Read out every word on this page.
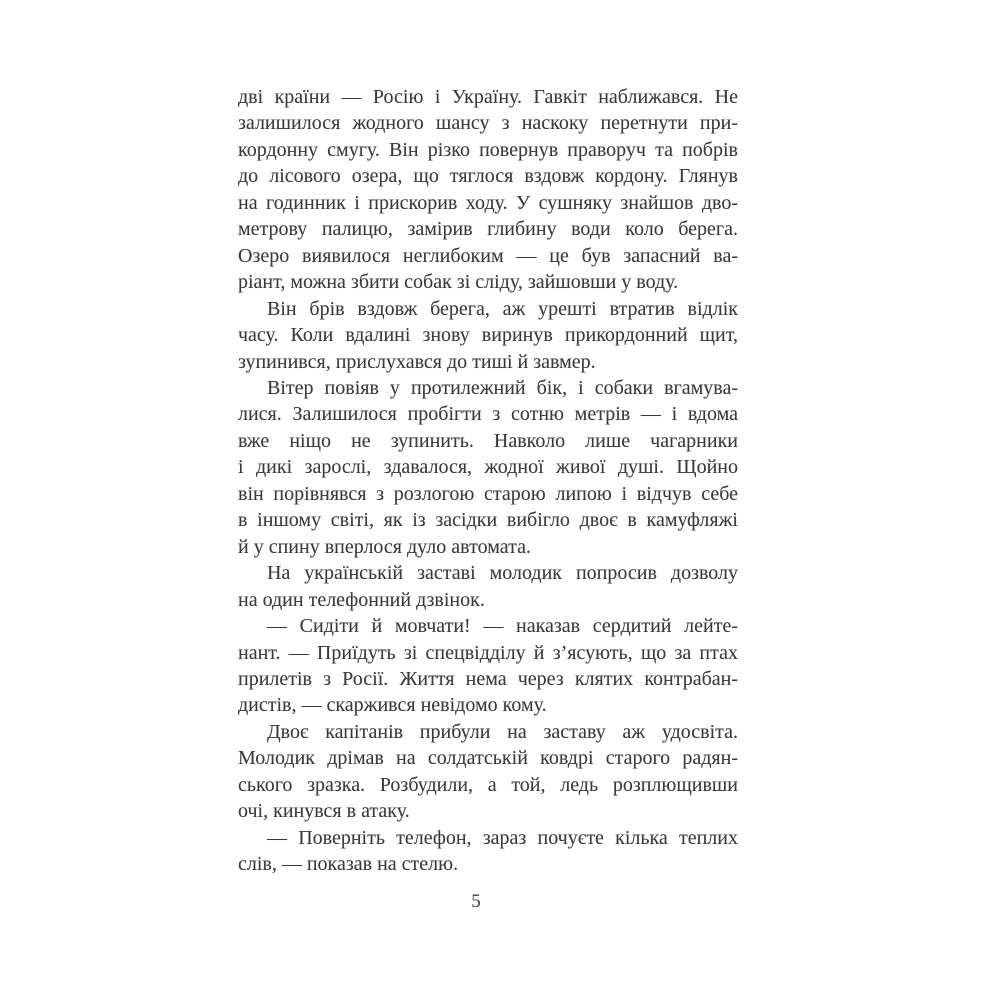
дві країни — Росію і Україну. Гавкіт наближався. Не
залишилося жодного шансу з наскоку перетнути при-
кордонну смугу. Він різко повернув праворуч та побрів
до лісового озера, що тяглося вздовж кордону. Глянув
на годинник і прискорив ходу. У сушняку знайшов дво-
метрову палицю, замірив глибину води коло берега.
Озеро виявилося неглибоким — це був запасний ва-
ріант, можна збити собак зі сліду, зайшовши у воду.
Він брів вздовж берега, аж урешті втратив відлік
часу. Коли вдалині знову виринув прикордонний щит,
зупинився, прислухався до тиші й завмер.
Вітер повіяв у протилежний бік, і собаки вгамува-
лися. Залишилося пробігти з сотню метрів — і вдома
вже ніщо не зупинить. Навколо лише чагарники
і дикі зарослі, здавалося, жодної живої душі. Щойно
він порівнявся з розлогою старою липою і відчув себе
в іншому світі, як із засідки вибігло двоє в камуфляжі
й у спину вперлося дуло автомата.
На українській заставі молодик попросив дозволу
на один телефонний дзвінок.
— Сидіти й мовчати! — наказав сердитий лейте-
нант. — Приїдуть зі спецвідділу й з’ясують, що за птах
прилетів з Росії. Життя нема через клятих контрабан-
дистів, — скаржився невідомо кому.
Двоє капітанів прибули на заставу аж удосвіта.
Молодик дрімав на солдатській ковдрі старого радян-
ського зразка. Розбудили, а той, ледь розплющивши
очі, кинувся в атаку.
— Поверніть телефон, зараз почуєте кілька теплих
слів, — показав на стелю.
5
